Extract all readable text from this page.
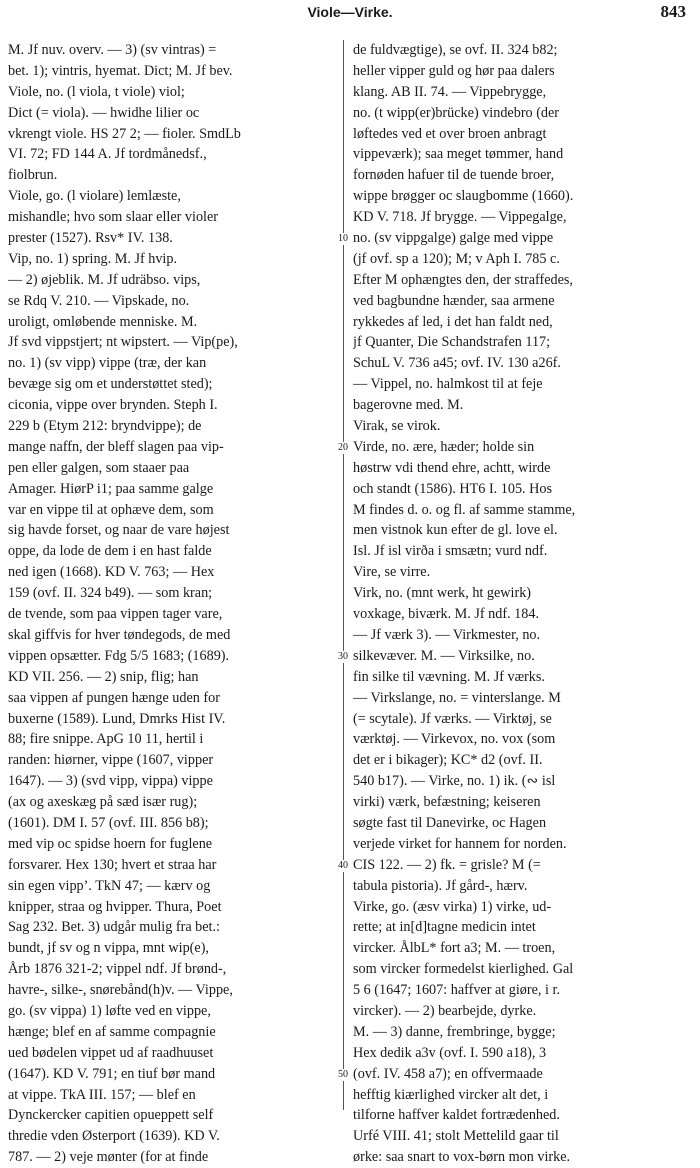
Viole—Virke.	843
M. Jf nuv. overv. — 3) (sv vintras) =
bet. 1); vintris, hyemat. Dict; M. Jf bev.
Viole, no. (l viola, t viole) viol;
Dict (= viola). — hwidhe lilier oc
vkrengt viole. HS 27 2; — fioler. SmdLb
VI. 72; FD 144 A. Jf tordmånedsf.,
fiolbrun.
Viole, go. (l violare) lemlæste,
mishandle; hvo som slaar eller violer
prester (1527). Rsv* IV. 138.
Vip, no. 1) spring. M. Jf hvip.
— 2) øjeblik. M. Jf udräbso. vips,
se Rdq V. 210. — Vipskade, no.
uroligt, omløbende menniske. M.
Jf svd vippstjert; nt wipstert. — Vip(pe),
no. 1) (sv vipp) vippe (træ, der kan
bevæge sig om et understøttet sted);
ciconia, vippe over brynden. Steph I.
229 b (Etym 212: bryndvippe); de
mange naffn, der bleff slagen paa vip-
pen eller galgen, som staaer paa
Amager. HiørP i1; paa samme galge
var en vippe til at ophæve dem, som
sig havde forset, og naar de vare højest
oppe, da lode de dem i en hast falde
ned igen (1668). KD V. 763; — Hex
159 (ovf. II. 324 b49). — som kran;
de tvende, som paa vippen tager vare,
skal giffvis for hver tøndegods, de med
vippen opsætter. Fdg 5/5 1683; (1689).
KD VII. 256. — 2) snip, flig; han
saa vippen af pungen hænge uden for
buxerne (1589). Lund, Dmrks Hist IV.
88; fire snippe. ApG 10 11, hertil i
randen: hiørner, vippe (1607, vipper
1647). — 3) (svd vipp, vippa) vippe
(ax og axeskæg på sæd især rug);
(1601). DM I. 57 (ovf. III. 856 b8);
med vip oc spidse hoern for fuglene
forsvarer. Hex 130; hvert et straa har
sin egen vipp’. TkN 47; — kærv og
knipper, straa og hvipper. Thura, Poet
Sag 232. Bet. 3) udgår mulig fra bet.:
bundt, jf sv og n vippa, mnt wip(e),
Årb 1876 321-2; vippel ndf. Jf brønd-,
havre-, silke-, snørebånd(h)v. — Vippe,
go. (sv vippa) 1) løfte ved en vippe,
hænge; blef en af samme compagnie
ued bødelen vippet ud af raadhuuset
(1647). KD V. 791; en tiuf bør mand
at vippe. TkA III. 157; — blef en
Dynckercker capitien opueppett self
thredie vden Østerport (1639). KD V.
787. — 2) veje mønter (for at finde
10
20
30
40
50
de fuldvægtige), se ovf. II. 324 b82;
heller vipper guld og hør paa dalers
klang. AB II. 74. — Vippebrygge,
no. (t wipp(er)brücke) vindebro (der
løftedes ved et over broen anbragt
vippeværk); saa meget tømmer, hand
fornøden hafuer til de tuende broer,
wippe brøgger oc slaugbomme (1660).
KD V. 718. Jf brygge. — Vippegalge,
no. (sv vippgalge) galge med vippe
(jf ovf. sp a 120); M; v Aph I. 785 c.
Efter M ophængtes den, der straffedes,
ved bagbundne hænder, saa armene
rykkedes af led, i det han faldt ned,
jf Quanter, Die Schandstrafen 117;
SchuL V. 736 a45; ovf. IV. 130 a26f.
— Vippel, no. halmkost til at feje
bagerovne med. M.
Virak, se virok.
Virde, no. ære, hæder; holde sin
høstrw vdi thend ehre, achtt, wirde
och standt (1586). HT6 I. 105. Hos
M findes d. o. og fl. af samme stamme,
men vistnok kun efter de gl. love el.
Isl. Jf isl virða i smsætn; vurd ndf.
Vire, se virre.
Virk, no. (mnt werk, ht gewirk)
voxkage, biværk. M. Jf ndf. 184.
— Jf værk 3). — Virkmester, no.
silkevæver. M. — Virksilke, no.
fin silke til vævning. M. Jf værks.
— Virkslange, no. = vinterslange. M
(= scytale). Jf værks. — Virktøj, se
værktøj. — Virkevox, no. vox (som
det er i bikager); KC* d2 (ovf. II.
540 b17). — Virke, no. 1) ik. (∾ isl
virki) værk, befæstning; keiseren
søgte fast til Danevirke, oc Hagen
verjede virket for hannem for norden.
CIS 122. — 2) fk. = grisle? M (=
tabula pistoria). Jf gård-, hærv.
Virke, go. (æsv virka) 1) virke, ud-
rette; at in[d]tagne medicin intet
vircker. ÅlbL* fort a3; M. — troen,
som vircker formedelst kierlighed. Gal
5 6 (1647; 1607: haffver at giøre, i r.
vircker). — 2) bearbejde, dyrke.
M. — 3) danne, frembringe, bygge;
Hex dedik a3v (ovf. I. 590 a18), 3
(ovf. IV. 458 a7); en offvermaade
hefftig kiærlighed vircker alt det, i
tilforne haffver kaldet fortrædenhed.
Urfé VIII. 41; stolt Mettelild gaar til
ørke: saa snart to vox-børn mon virke.
